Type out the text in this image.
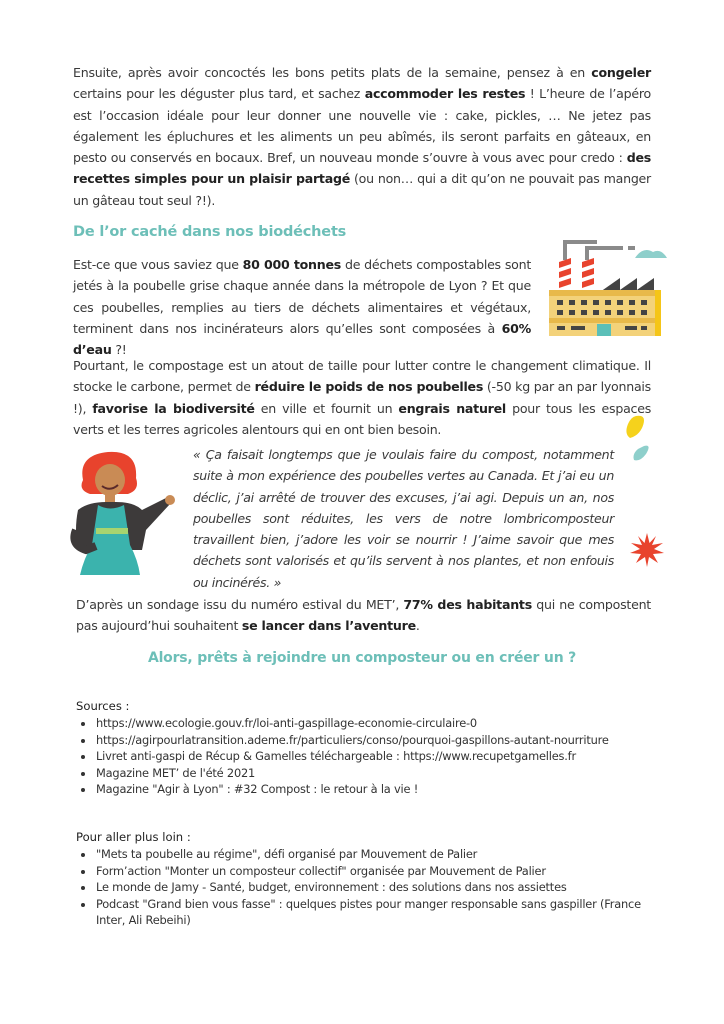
Ensuite, après avoir concoctés les bons petits plats de la semaine, pensez à en congeler certains pour les déguster plus tard, et sachez accommoder les restes ! L’heure de l’apéro est l’occasion idéale pour leur donner une nouvelle vie : cake, pickles, … Ne jetez pas également les épluchures et les aliments un peu abîmés, ils seront parfaits en gâteaux, en pesto ou conservés en bocaux. Bref, un nouveau monde s’ouvre à vous avec pour credo : des recettes simples pour un plaisir partagé (ou non… qui a dit qu’on ne pouvait pas manger un gâteau tout seul ?!).

De l’or caché dans nos biodéchets

Est-ce que vous saviez que 80 000 tonnes de déchets compostables sont jetés à la poubelle grise chaque année dans la métropole de Lyon ? Et que ces poubelles, remplies au tiers de déchets alimentaires et végétaux, terminent dans nos incinérateurs alors qu’elles sont composées à 60% d’eau ?!

Pourtant, le compostage est un atout de taille pour lutter contre le changement climatique. Il stocke le carbone, permet de réduire le poids de nos poubelles (-50 kg par an par lyonnais !), favorise la biodiversité en ville et fournit un engrais naturel pour tous les espaces verts et les terres agricoles alentours qui en ont bien besoin.

« Ça faisait longtemps que je voulais faire du compost, notamment suite à mon expérience des poubelles vertes au Canada. Et j’ai eu un déclic, j’ai arrêté de trouver des excuses, j’ai agi. Depuis un an, nos poubelles sont réduites, les vers de notre lombricomposteur travaillent bien, j’adore les voir se nourrir ! J’aime savoir que mes déchets sont valorisés et qu’ils servent à nos plantes, et non enfouis ou incinérés. »

D’après un sondage issu du numéro estival du MET’, 77% des habitants qui ne compostent pas aujourd’hui souhaitent se lancer dans l’aventure.

Alors, prêts à rejoindre un composteur ou en créer un ?
Sources :
https://www.ecologie.gouv.fr/loi-anti-gaspillage-economie-circulaire-0
https://agirpourlatransition.ademe.fr/particuliers/conso/pourquoi-gaspillons-autant-nourriture
Livret anti-gaspi de Récup & Gamelles téléchargeable : https://www.recupetgamelles.fr
Magazine MET’ de l'été 2021
Magazine "Agir à Lyon" : #32 Compost : le retour à la vie !
Pour aller plus loin :
"Mets ta poubelle au régime", défi organisé par Mouvement de Palier
Form’action "Monter un composteur collectif" organisée par Mouvement de Palier
Le monde de Jamy - Santé, budget, environnement : des solutions dans nos assiettes
Podcast "Grand bien vous fasse" : quelques pistes pour manger responsable sans gaspiller (France Inter, Ali Rebeihi)
